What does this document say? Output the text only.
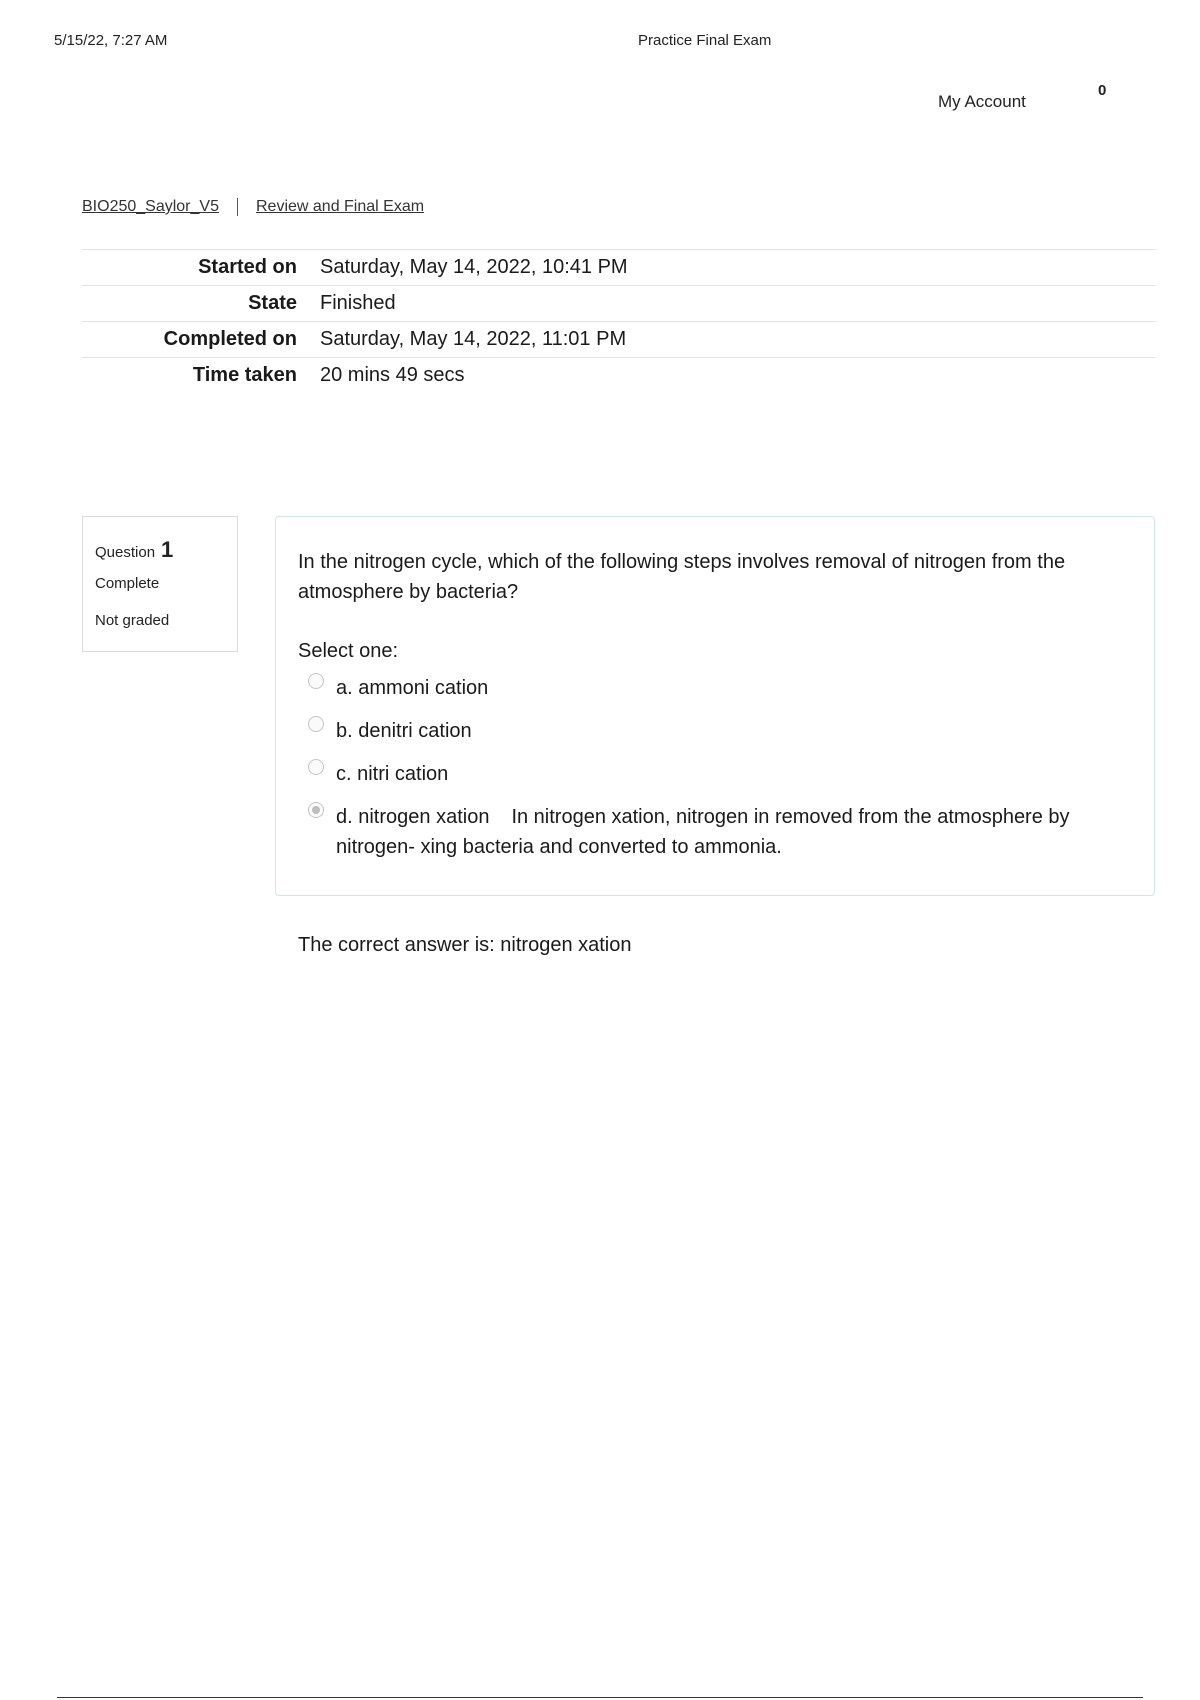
5/15/22, 7:27 AM	Practice Final Exam
My Account
0
BIO250_Saylor_V5 Review and Final Exam
Started on	Saturday, May 14, 2022, 10:41 PM
State	Finished
Completed on	Saturday, May 14, 2022, 11:01 PM
Time taken	20 mins 49 secs
Question 1
Complete
Not graded
In the nitrogen cycle, which of the following steps involves removal of nitrogen from the atmosphere by bacteria?
Select one:
a. ammoni cation
b. denitri cation
c. nitri cation
d. nitrogen xation In nitrogen xation, nitrogen in removed from the atmosphere by nitrogen- xing bacteria and converted to ammonia.
The correct answer is: nitrogen xation
